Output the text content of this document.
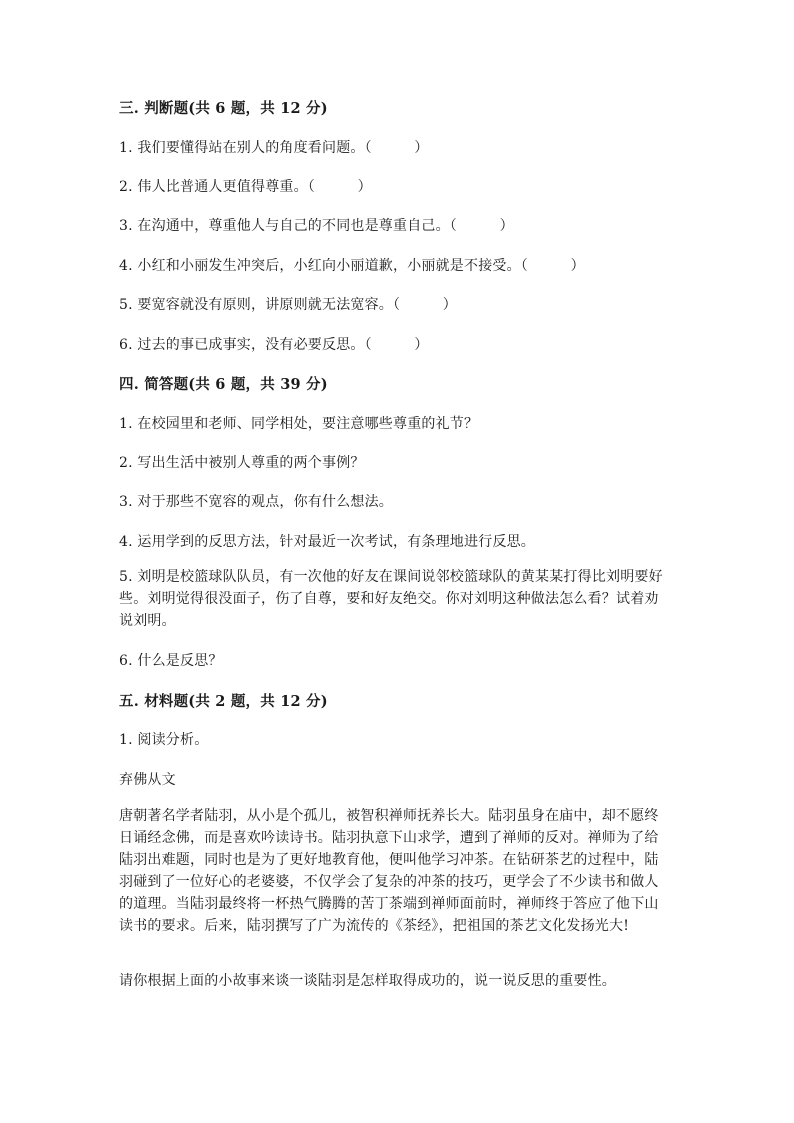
三. 判断题(共 6 题，共 12 分)
1. 我们要懂得站在别人的角度看问题。（　　　）
2. 伟人比普通人更值得尊重。（　　　）
3. 在沟通中，尊重他人与自己的不同也是尊重自己。（　　　）
4. 小红和小丽发生冲突后，小红向小丽道歉，小丽就是不接受。（　　　）
5. 要宽容就没有原则，讲原则就无法宽容。（　　　）
6. 过去的事已成事实，没有必要反思。（　　　）
四. 简答题(共 6 题，共 39 分)
1. 在校园里和老师、同学相处，要注意哪些尊重的礼节？
2. 写出生活中被别人尊重的两个事例？
3. 对于那些不宽容的观点，你有什么想法。
4. 运用学到的反思方法，针对最近一次考试，有条理地进行反思。
5. 刘明是校篮球队队员，有一次他的好友在课间说邻校篮球队的黄某某打得比刘明要好些。刘明觉得很没面子，伤了自尊，要和好友绝交。你对刘明这种做法怎么看？试着劝说刘明。
6. 什么是反思？
五. 材料题(共 2 题，共 12 分)
1. 阅读分析。
弃佛从文
唐朝著名学者陆羽，从小是个孤儿，被智积禅师抚养长大。陆羽虽身在庙中，却不愿终日诵经念佛，而是喜欢吟读诗书。陆羽执意下山求学，遭到了禅师的反对。禅师为了给陆羽出难题，同时也是为了更好地教育他，便叫他学习冲茶。在钻研茶艺的过程中，陆羽碰到了一位好心的老婆婆，不仅学会了复杂的冲茶的技巧，更学会了不少读书和做人的道理。当陆羽最终将一杯热气腾腾的苦丁茶端到禅师面前时，禅师终于答应了他下山读书的要求。后来，陆羽撰写了广为流传的《茶经》，把祖国的茶艺文化发扬光大!
请你根据上面的小故事来谈一谈陆羽是怎样取得成功的，说一说反思的重要性。
